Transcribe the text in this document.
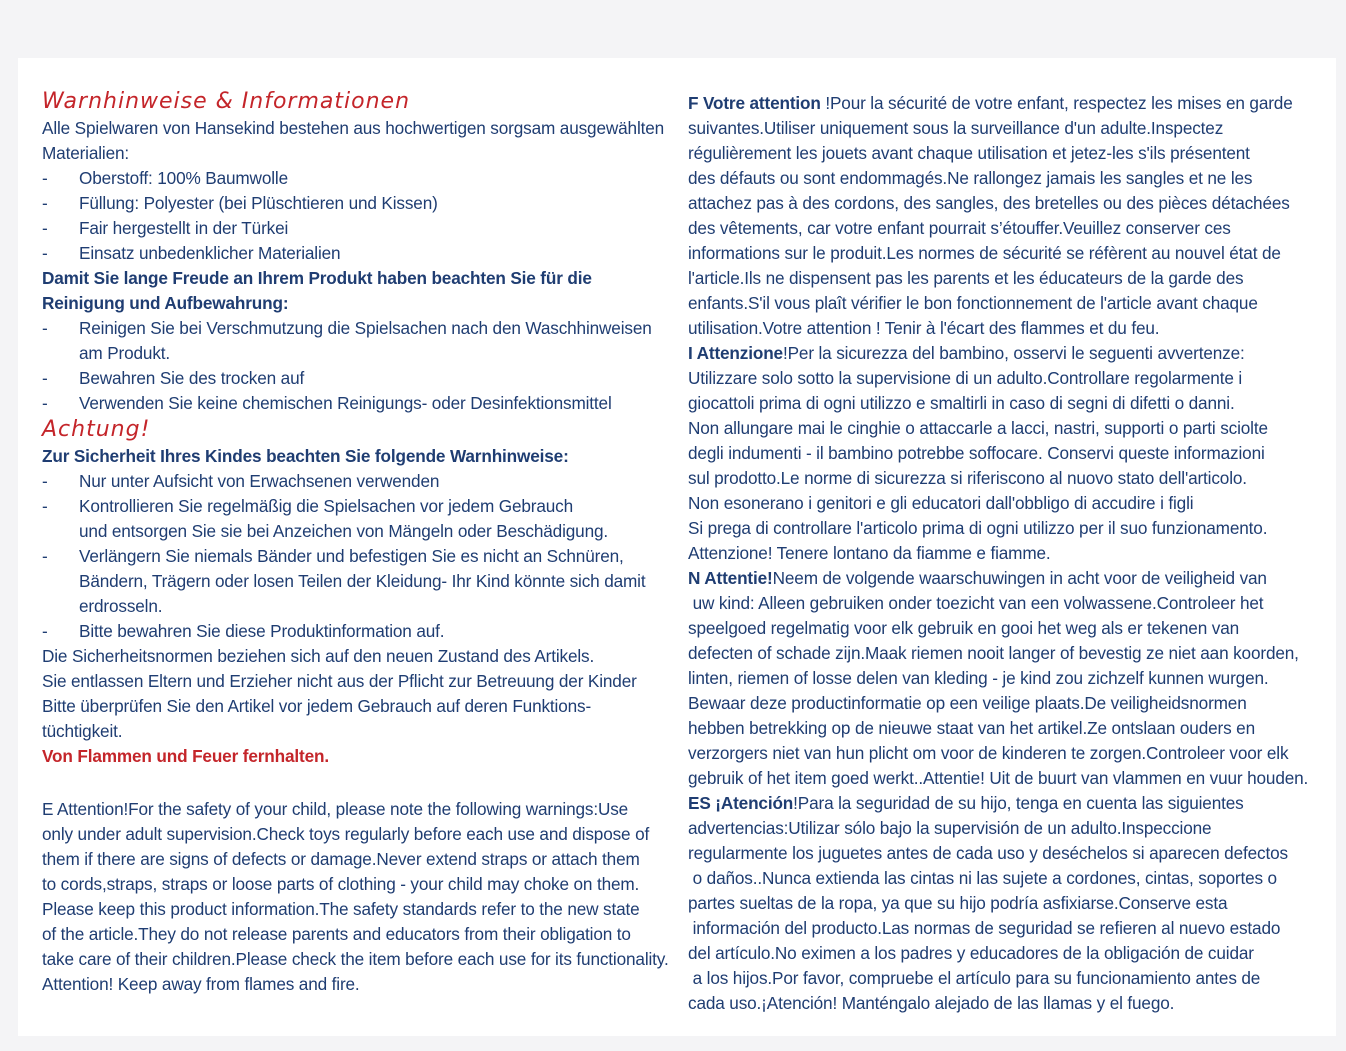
Warnhinweise & Informationen
Alle Spielwaren von Hansekind bestehen aus hochwertigen sorgsam ausgewählten
Materialien:
- Oberstoff: 100% Baumwolle
- Füllung: Polyester (bei Plüschtieren und Kissen)
- Fair hergestellt in der Türkei
- Einsatz unbedenklicher Materialien
Damit Sie lange Freude an Ihrem Produkt haben beachten Sie für die
Reinigung und Aufbewahrung:
- Reinigen Sie bei Verschmutzung die Spielsachen nach den Waschhinweisen
am Produkt.
- Bewahren Sie des trocken auf
- Verwenden Sie keine chemischen Reinigungs- oder Desinfektionsmittel
Achtung!
Zur Sicherheit Ihres Kindes beachten Sie folgende Warnhinweise:
- Nur unter Aufsicht von Erwachsenen verwenden
- Kontrollieren Sie regelmäßig die Spielsachen vor jedem Gebrauch
und entsorgen Sie sie bei Anzeichen von Mängeln oder Beschädigung.
- Verlängern Sie niemals Bänder und befestigen Sie es nicht an Schnüren,
Bändern, Trägern oder losen Teilen der Kleidung- Ihr Kind könnte sich damit
erdrosseln.
- Bitte bewahren Sie diese Produktinformation auf.
Die Sicherheitsnormen beziehen sich auf den neuen Zustand des Artikels.
Sie entlassen Eltern und Erzieher nicht aus der Pflicht zur Betreuung der Kinder
Bitte überprüfen Sie den Artikel vor jedem Gebrauch auf deren Funktions-
tüchtigkeit.
Von Flammen und Feuer fernhalten.
E Attention!For the safety of your child, please note the following warnings:Use
only under adult supervision.Check toys regularly before each use and dispose of
them if there are signs of defects or damage.Never extend straps or attach them
to cords,straps, straps or loose parts of clothing - your child may choke on them.
Please keep this product information.The safety standards refer to the new state
of the article.They do not release parents and educators from their obligation to
take care of their children.Please check the item before each use for its functionality.
Attention! Keep away from flames and fire.
F Votre attention !Pour la sécurité de votre enfant, respectez les mises en garde
suivantes.Utiliser uniquement sous la surveillance d'un adulte.Inspectez
régulièrement les jouets avant chaque utilisation et jetez-les s'ils présentent
des défauts ou sont endommagés.Ne rallongez jamais les sangles et ne les
attachez pas à des cordons, des sangles, des bretelles ou des pièces détachées
des vêtements, car votre enfant pourrait s’étouffer.Veuillez conserver ces
informations sur le produit.Les normes de sécurité se réfèrent au nouvel état de
l'article.Ils ne dispensent pas les parents et les éducateurs de la garde des
enfants.S'il vous plaît vérifier le bon fonctionnement de l'article avant chaque
utilisation.Votre attention ! Tenir à l'écart des flammes et du feu.
I Attenzione!Per la sicurezza del bambino, osservi le seguenti avvertenze:
Utilizzare solo sotto la supervisione di un adulto.Controllare regolarmente i
giocattoli prima di ogni utilizzo e smaltirli in caso di segni di difetti o danni.
Non allungare mai le cinghie o attaccarle a lacci, nastri, supporti o parti sciolte
degli indumenti - il bambino potrebbe soffocare. Conservi queste informazioni
sul prodotto.Le norme di sicurezza si riferiscono al nuovo stato dell'articolo.
Non esonerano i genitori e gli educatori dall'obbligo di accudire i figli
Si prega di controllare l'articolo prima di ogni utilizzo per il suo funzionamento.
Attenzione! Tenere lontano da fiamme e fiamme.
N Attentie!Neem de volgende waarschuwingen in acht voor de veiligheid van
uw kind: Alleen gebruiken onder toezicht van een volwassene.Controleer het
speelgoed regelmatig voor elk gebruik en gooi het weg als er tekenen van
defecten of schade zijn.Maak riemen nooit langer of bevestig ze niet aan koorden,
linten, riemen of losse delen van kleding - je kind zou zichzelf kunnen wurgen.
Bewaar deze productinformatie op een veilige plaats.De veiligheidsnormen
hebben betrekking op de nieuwe staat van het artikel.Ze ontslaan ouders en
verzorgers niet van hun plicht om voor de kinderen te zorgen.Controleer voor elk
gebruik of het item goed werkt..Attentie! Uit de buurt van vlammen en vuur houden.
ES ¡Atención!Para la seguridad de su hijo, tenga en cuenta las siguientes
advertencias:Utilizar sólo bajo la supervisión de un adulto.Inspeccione
regularmente los juguetes antes de cada uso y deséchelos si aparecen defectos
o daños..Nunca extienda las cintas ni las sujete a cordones, cintas, soportes o
partes sueltas de la ropa, ya que su hijo podría asfixiarse.Conserve esta
información del producto.Las normas de seguridad se refieren al nuevo estado
del artículo.No eximen a los padres y educadores de la obligación de cuidar
a los hijos.Por favor, compruebe el artículo para su funcionamiento antes de
cada uso.¡Atención! Manténgalo alejado de las llamas y el fuego.
